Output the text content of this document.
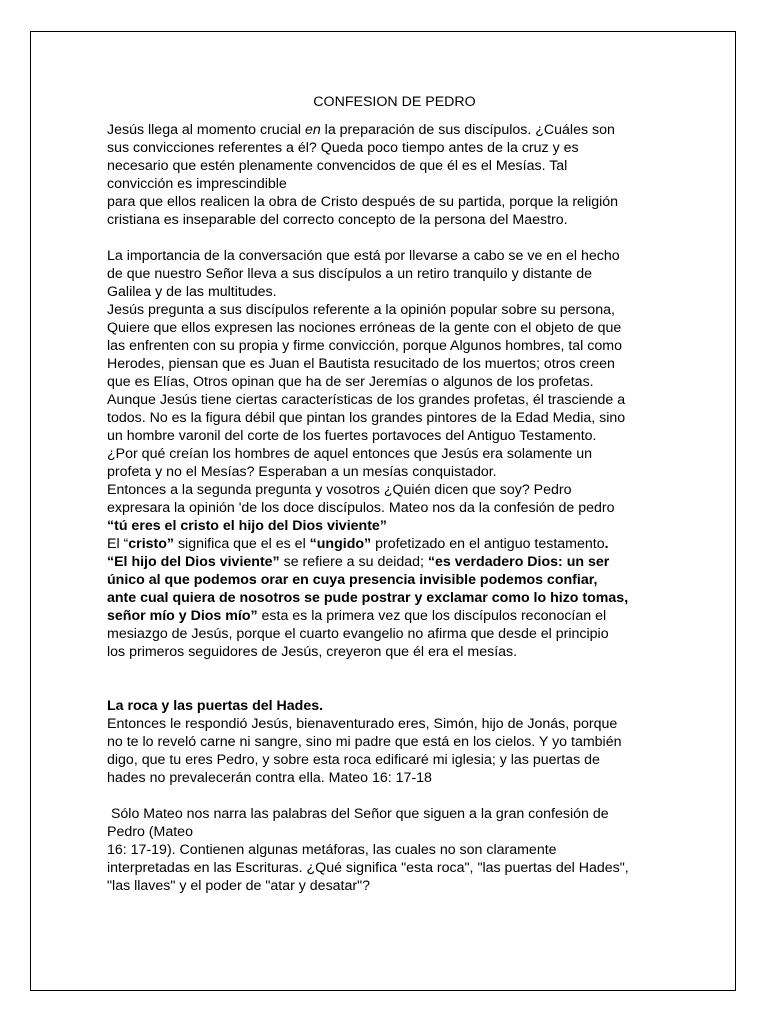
CONFESION DE PEDRO

Jesús llega al momento crucial en la preparación de sus discípulos. ¿Cuáles son
sus convicciones referentes a él? Queda poco tiempo antes de la cruz y es
necesario que estén plenamente convencidos de que él es el Mesías. Tal
convicción es imprescindible
para que ellos realicen la obra de Cristo después de su partida, porque la religión
cristiana es inseparable del correcto concepto de la persona del Maestro.

La importancia de la conversación que está por llevarse a cabo se ve en el hecho
de que nuestro Señor lleva a sus discípulos a un retiro tranquilo y distante de
Galilea y de las multitudes.
Jesús pregunta a sus discípulos referente a la opinión popular sobre su persona,
Quiere que ellos expresen las nociones erróneas de la gente con el objeto de que
las enfrenten con su propia y firme convicción, porque Algunos hombres, tal como
Herodes, piensan que es Juan el Bautista resucitado de los muertos; otros creen
que es Elías, Otros opinan que ha de ser Jeremías o algunos de los profetas.
Aunque Jesús tiene ciertas características de los grandes profetas, él trasciende a
todos. No es la figura débil que pintan los grandes pintores de la Edad Media, sino
un hombre varonil del corte de los fuertes portavoces del Antiguo Testamento.
¿Por qué creían los hombres de aquel entonces que Jesús era solamente un
profeta y no el Mesías? Esperaban a un mesías conquistador.
Entonces a la segunda pregunta y vosotros ¿Quién dicen que soy? Pedro
expresara la opinión 'de los doce discípulos. Mateo nos da la confesión de pedro
“tú eres el cristo el hijo del Dios viviente”
El “cristo” significa que el es el “ungido” profetizado en el antiguo testamento.
“El hijo del Dios viviente” se refiere a su deidad; “es verdadero Dios: un ser
único al que podemos orar en cuya presencia invisible podemos confiar,
ante cual quiera de nosotros se pude postrar y exclamar como lo hizo tomas,
señor mío y Dios mío” esta es la primera vez que los discípulos reconocían el
mesiazgo de Jesús, porque el cuarto evangelio no afirma que desde el principio
los primeros seguidores de Jesús, creyeron que él era el mesías.

La roca y las puertas del Hades.

Entonces le respondió Jesús, bienaventurado eres, Simón, hijo de Jonás, porque
no te lo reveló carne ni sangre, sino mi padre que está en los cielos. Y yo también
digo, que tu eres Pedro, y sobre esta roca edificaré mi iglesia; y las puertas de
hades no prevalecerán contra ella. Mateo 16: 17-18

Sólo Mateo nos narra las palabras del Señor que siguen a la gran confesión de
Pedro (Mateo
16: 17-19). Contienen algunas metáforas, las cuales no son claramente
interpretadas en las Escrituras. ¿Qué significa "esta roca", "las puertas del Hades",
"las llaves" y el poder de "atar y desatar"?
